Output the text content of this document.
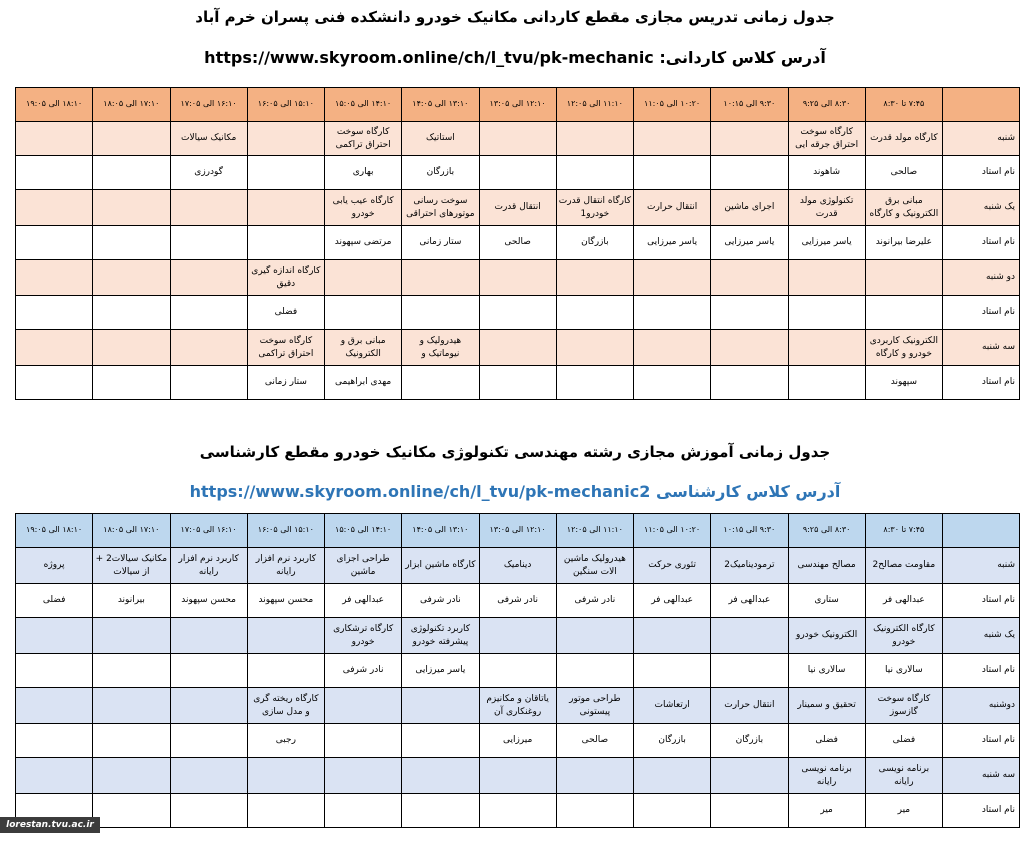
جدول زمانی تدریس مجازی مقطع کاردانی مکانیک خودرو دانشکده فنی پسران خرم آباد
آدرس کلاس کاردانی: https://www.skyroom.online/ch/l_tvu/pk-mechanic
	۷:۴۵ تا ۸:۳۰	۸:۳۰ الی ۹:۲۵	۹:۳۰ الی ۱۰:۱۵	۱۰:۲۰ الی ۱۱:۰۵	۱۱:۱۰ الی ۱۲:۰۵	۱۲:۱۰ الی ۱۳:۰۵	۱۳:۱۰ الی ۱۴:۰۵	۱۴:۱۰ الی ۱۵:۰۵	۱۵:۱۰ الی ۱۶:۰۵	۱۶:۱۰ الی ۱۷:۰۵	۱۷:۱۰ الی ۱۸:۰۵	۱۸:۱۰ الی ۱۹:۰۵
شنبه	کارگاه مولد قدرت	کارگاه سوخت احتراق جرقه ایی					استاتیک	کارگاه سوخت احتراق تراکمی		مکانیک سیالات		
نام استاد	صالحی	شاهوند					بازرگان	بهاری		گودرزی		
یک شنبه	مبانی برق الکترونیک و کارگاه	تکنولوژی مولد قدرت	اجرای ماشین	انتقال حرارت	کارگاه انتقال قدرت خودرو1	انتقال قدرت	سوخت رسانی موتورهای احتراقی	کارگاه عیب یابی خودرو				
نام استاد	علیرضا بیرانوند	یاسر میرزایی	یاسر میرزایی	یاسر میرزایی	بازرگان	صالحی	ستار زمانی	مرتضی سپهوند				
دو شنبه									کارگاه اندازه گیری دقیق			
نام استاد									فضلی			
سه شنبه	الکترونیک کاربردی خودرو و کارگاه						هیدرولیک و نیوماتیک و	مبانی برق و الکترونیک	کارگاه سوخت احتراق تراکمی			
نام استاد	سپهوند							مهدی ابراهیمی	ستار زمانی			
جدول زمانی آموزش مجازی رشته مهندسی تکنولوژی مکانیک خودرو مقطع کارشناسی
آدرس کلاس کارشناسی https://www.skyroom.online/ch/l_tvu/pk-mechanic2
	۷:۴۵ تا ۸:۳۰	۸:۳۰ الی ۹:۲۵	۹:۳۰ الی ۱۰:۱۵	۱۰:۲۰ الی ۱۱:۰۵	۱۱:۱۰ الی ۱۲:۰۵	۱۲:۱۰ الی ۱۳:۰۵	۱۳:۱۰ الی ۱۴:۰۵	۱۴:۱۰ الی ۱۵:۰۵	۱۵:۱۰ الی ۱۶:۰۵	۱۶:۱۰ الی ۱۷:۰۵	۱۷:۱۰ الی ۱۸:۰۵	۱۸:۱۰ الی ۱۹:۰۵
شنبه	مقاومت مصالح2	مصالح مهندسی	ترمودینامیک2	تئوری حرکت	هیدرولیک ماشین الات سنگین	دینامیک	کارگاه ماشین ابزار	طراحی اجزای ماشین	کاربرد نرم افزار رایانه	کاربرد نرم افزار رایانه	مکانیک سیالات2 + از سیالات	پروژه
نام استاد	عبدالهی فر	ستاری	عبدالهی فر	عبدالهی فر	نادر شرفی	نادر شرفی	نادر شرفی	عبدالهی فر	محسن سپهوند	محسن سپهوند	بیرانوند	فضلی
یک شنبه	کارگاه الکترونیک خودرو	الکترونیک خودرو					کاربرد تکنولوژی پیشرفته خودرو	کارگاه ترشکاری خودرو				
نام استاد	سالاری نیا	سالاری نیا					یاسر میرزایی	نادر شرفی				
دوشنبه	کارگاه سوخت گازسوز	تحقیق و سمینار	انتقال حرارت	ارتعاشات	طراحی موتور پیستونی	یاتاقان و مکانیزم روغنکاری آن			کارگاه ریخته گری و مدل سازی			
نام استاد	فضلی	فضلی	بازرگان	بازرگان	صالحی	میرزایی			رجبی			
سه شنبه	برنامه نویسی رایانه	برنامه نویسی رایانه										
نام استاد	میر	میر										
lorestan.tvu.ac.ir
